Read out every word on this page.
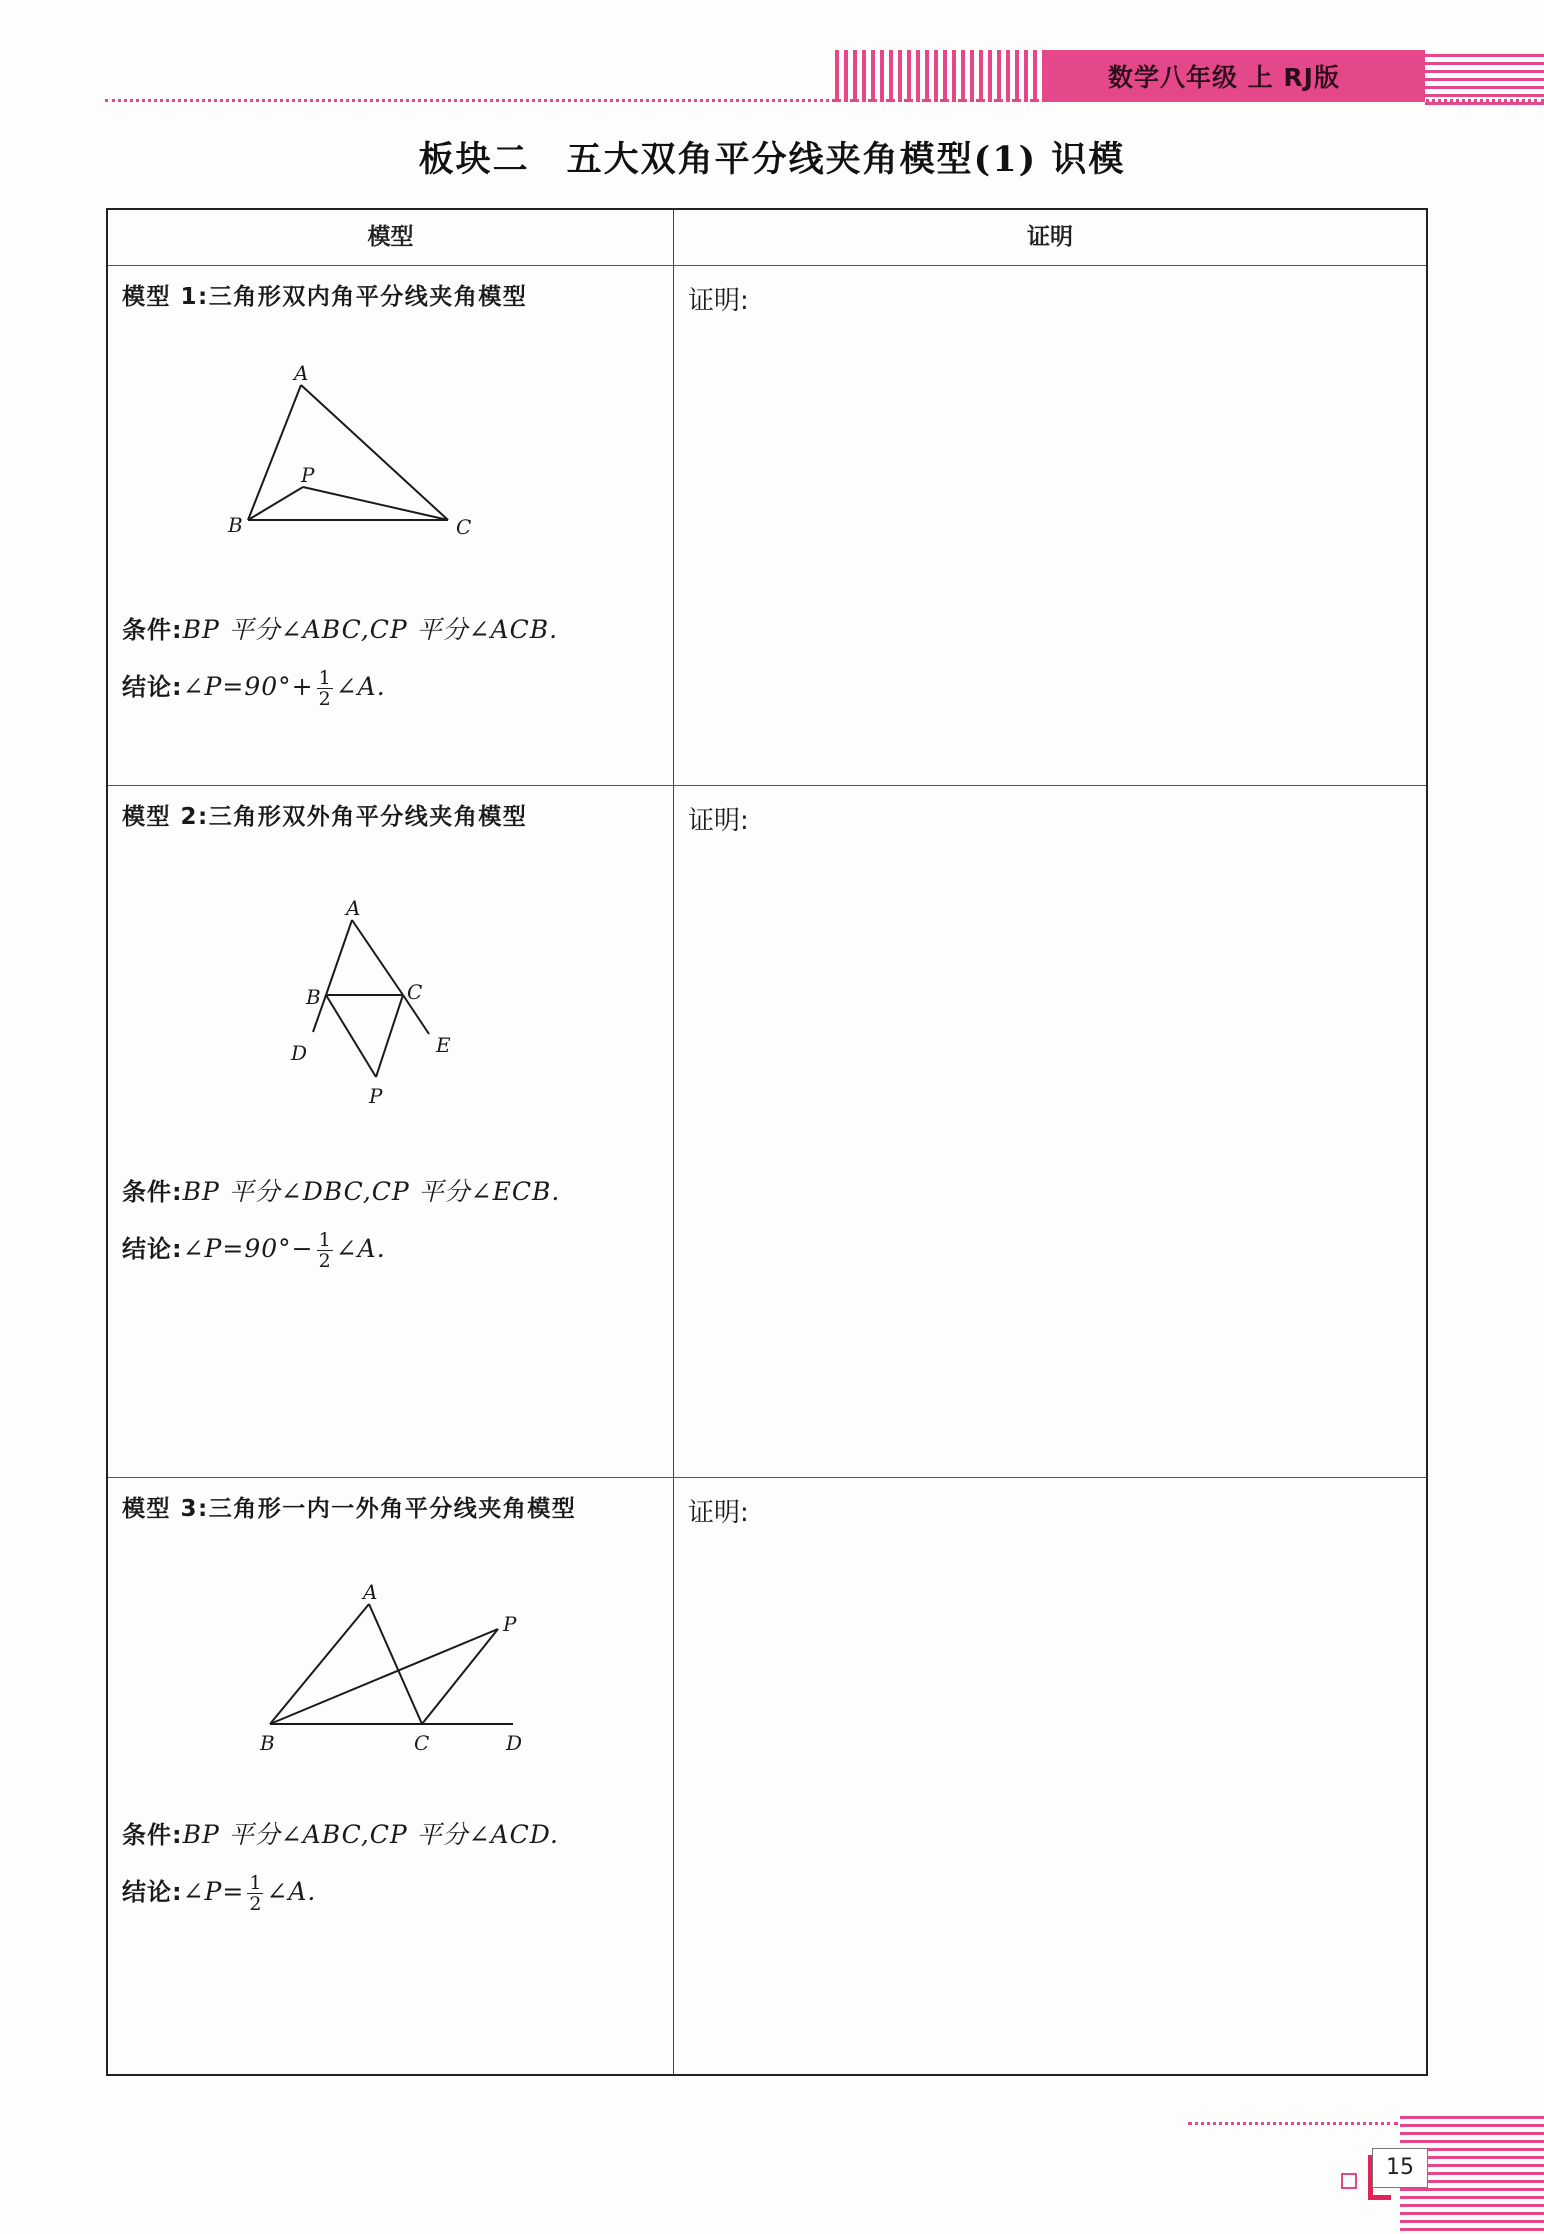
数学八年级 上 RJ版
板块二　五大双角平分线夹角模型(1) 识模
模型	证明
模型 1:三角形双内角平分线夹角模型	证明:
A
P
B	C
条件:BP 平分∠ABC,CP 平分∠ACB.
结论:∠P=90°+ $\frac{1}{2}$ ∠A.
模型 2:三角形双外角平分线夹角模型	证明:
A
B	C
E
D
P
条件:BP 平分∠DBC,CP 平分∠ECB.
结论:∠P=90°− $\frac{1}{2}$ ∠A.
模型 3:三角形一内一外角平分线夹角模型	证明:
A
P
B	C	D
条件:BP 平分∠ABC,CP 平分∠ACD.
结论:∠P= $\frac{1}{2}$ ∠A.
15
